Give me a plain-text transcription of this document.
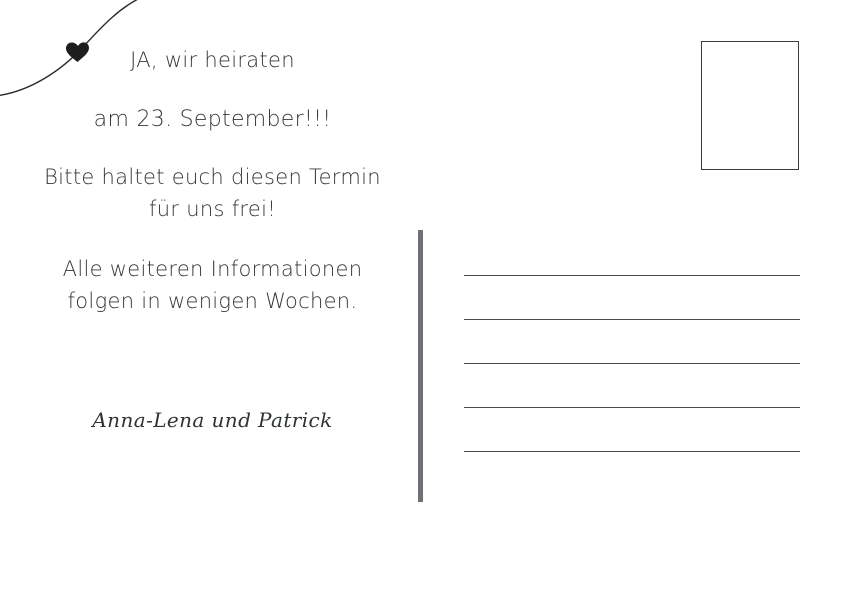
JA, wir heiraten

am 23. September!!!

Bitte haltet euch diesen Termin
für uns frei!

Alle weiteren Informationen
folgen in wenigen Wochen.

Anna-Lena und Patrick
